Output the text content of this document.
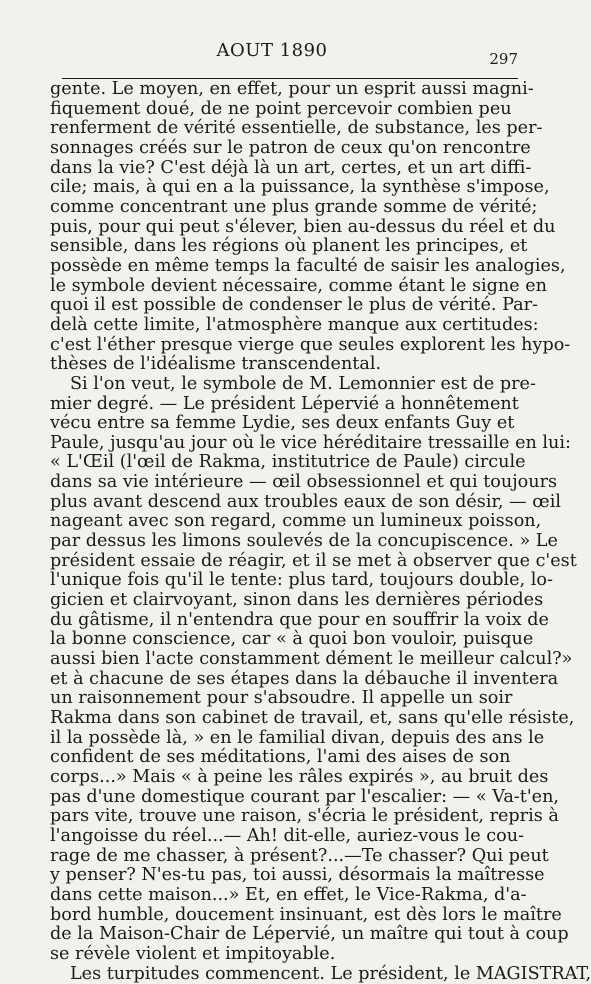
AOUT 1890	297

gente. Le moyen, en effet, pour un esprit aussi magni-
fiquement doué, de ne point percevoir combien peu
renferment de vérité essentielle, de substance, les per-
sonnages créés sur le patron de ceux qu'on rencontre
dans la vie? C'est déjà là un art, certes, et un art diffi-
cile; mais, à qui en a la puissance, la synthèse s'impose,
comme concentrant une plus grande somme de vérité;
puis, pour qui peut s'élever, bien au-dessus du réel et du
sensible, dans les régions où planent les principes, et
possède en même temps la faculté de saisir les analogies,
le symbole devient nécessaire, comme étant le signe en
quoi il est possible de condenser le plus de vérité. Par-
delà cette limite, l'atmosphère manque aux certitudes:
c'est l'éther presque vierge que seules explorent les hypo-
thèses de l'idéalisme transcendental.

Si l'on veut, le symbole de M. Lemonnier est de pre-
mier degré. — Le président Lépervié a honnêtement
vécu entre sa femme Lydie, ses deux enfants Guy et
Paule, jusqu'au jour où le vice héréditaire tressaille en lui:
« L'Œil (l'œil de Rakma, institutrice de Paule) circule
dans sa vie intérieure — œil obsessionnel et qui toujours
plus avant descend aux troubles eaux de son désir, — œil
nageant avec son regard, comme un lumineux poisson,
par dessus les limons soulevés de la concupiscence. » Le
président essaie de réagir, et il se met à observer que c'est
l'unique fois qu'il le tente: plus tard, toujours double, lo-
gicien et clairvoyant, sinon dans les dernières périodes
du gâtisme, il n'entendra que pour en souffrir la voix de
la bonne conscience, car « à quoi bon vouloir, puisque
aussi bien l'acte constamment dément le meilleur calcul?»
et à chacune de ses étapes dans la débauche il inventera
un raisonnement pour s'absoudre. Il appelle un soir
Rakma dans son cabinet de travail, et, sans qu'elle résiste,
il la possède là, » en le familial divan, depuis des ans le
confident de ses méditations, l'ami des aises de son
corps...» Mais « à peine les râles expirés », au bruit des
pas d'une domestique courant par l'escalier: — « Va-t'en,
pars vite, trouve une raison, s'écria le président, repris à
l'angoisse du réel...— Ah! dit-elle, auriez-vous le cou-
rage de me chasser, à présent?...—Te chasser? Qui peut
y penser? N'es-tu pas, toi aussi, désormais la maîtresse
dans cette maison...» Et, en effet, le Vice-Rakma, d'a-
bord humble, doucement insinuant, est dès lors le maître
de la Maison-Chair de Lépervié, un maître qui tout à coup
se révèle violent et impitoyable.

Les turpitudes commencent. Le président, le MAGISTRAT,
